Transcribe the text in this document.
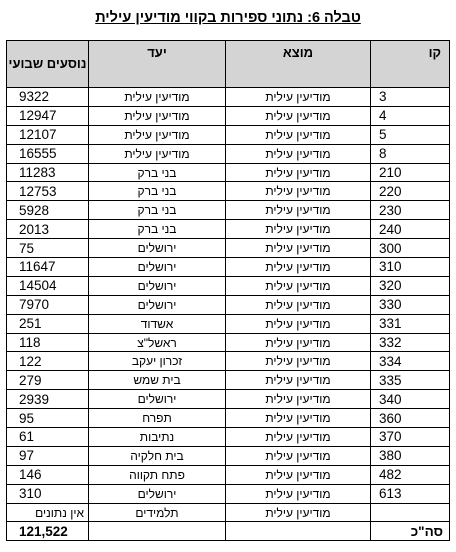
טבלה 6: נתוני ספירות בקווי מודיעין עילית
קו	מוצא	יעד	נוסעים שבועי
3	מודיעין עילית	מודיעין עילית	9322
4	מודיעין עילית	מודיעין עילית	12947
5	מודיעין עילית	מודיעין עילית	12107
8	מודיעין עילית	מודיעין עילית	16555
210	מודיעין עילית	בני ברק	11283
220	מודיעין עילית	בני ברק	12753
230	מודיעין עילית	בני ברק	5928
240	מודיעין עילית	בני ברק	2013
300	מודיעין עילית	ירושלים	75
310	מודיעין עילית	ירושלים	11647
320	מודיעין עילית	ירושלים	14504
330	מודיעין עילית	ירושלים	7970
331	מודיעין עילית	אשדוד	251
332	מודיעין עילית	ראשל"צ	118
334	מודיעין עילית	זכרון יעקב	122
335	מודיעין עילית	בית שמש	279
340	מודיעין עילית	ירושלים	2939
360	מודיעין עילית	תפרח	95
370	מודיעין עילית	נתיבות	61
380	מודיעין עילית	בית חלקיה	97
482	מודיעין עילית	פתח תקווה	146
613	מודיעין עילית	ירושלים	310
	מודיעין עילית	תלמידים	אין נתונים
סה"כ			121,522
